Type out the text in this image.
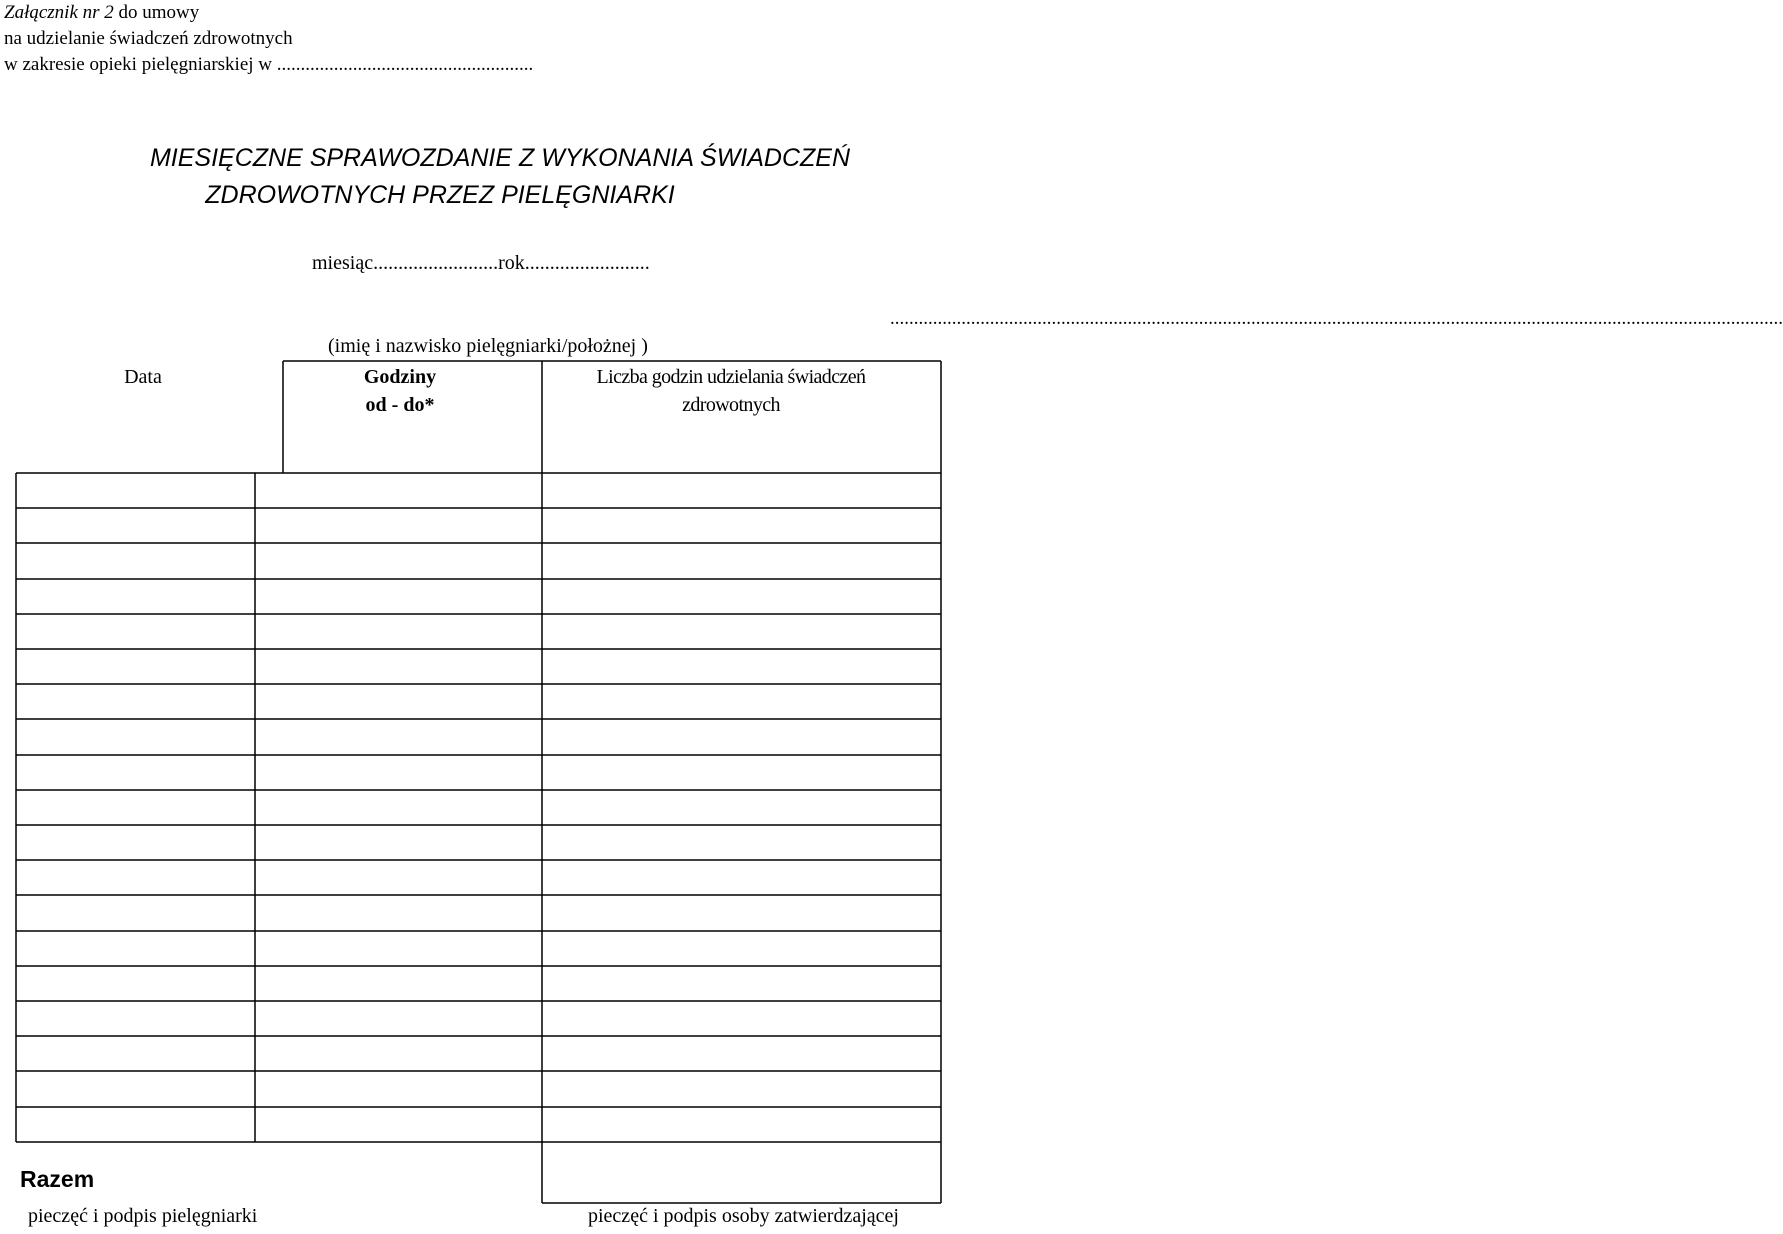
Załącznik nr 2 do umowy
na udzielanie świadczeń zdrowotnych
w zakresie opieki pielęgniarskiej w ......................................................
MIESIĘCZNE SPRAWOZDANIE Z WYKONANIA ŚWIADCZEŃ
ZDROWOTNYCH PRZEZ PIELĘGNIARKI
miesiąc.........................rok.........................
............................................................................................................................................................................................
(imię i nazwisko pielęgniarki/położnej )
Data	Godziny
od - do*
Liczba godzin udzielania świadczeń
zdrowotnych
Razem
pieczęć i podpis pielęgniarki	pieczęć i podpis osoby zatwierdzającej
